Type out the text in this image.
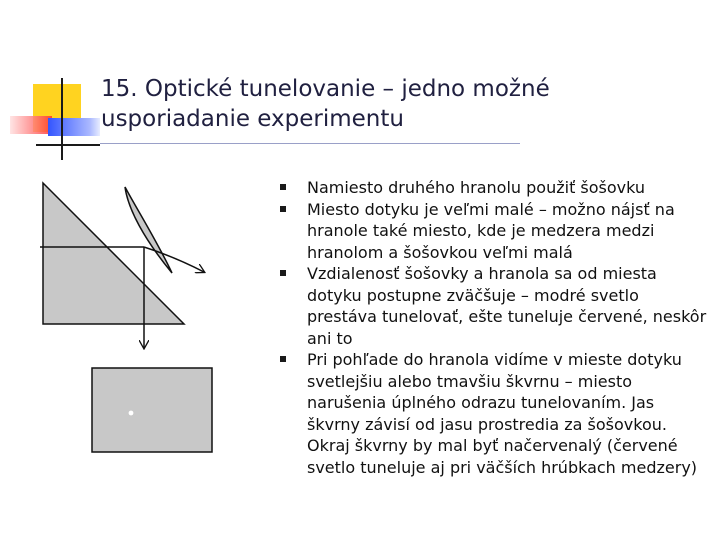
15. Optické tunelovanie – jedno možné
usporiadanie experimentu
Namiesto druhého hranolu použiť šošovku
Miesto dotyku je veľmi malé – možno nájsť na hranole také miesto, kde je medzera medzi hranolom a šošovkou veľmi malá
Vzdialenosť šošovky a hranola sa od miesta dotyku postupne zväčšuje – modré svetlo prestáva tunelovať, ešte tuneluje červené, neskôr ani to
Pri pohľade do hranola vidíme v mieste dotyku svetlejšiu alebo tmavšiu škvrnu – miesto narušenia úplného odrazu tunelovaním. Jas škvrny závisí od jasu prostredia za šošovkou. Okraj škvrny by mal byť načervenalý (červené svetlo tuneluje aj pri väčších hrúbkach medzery)
